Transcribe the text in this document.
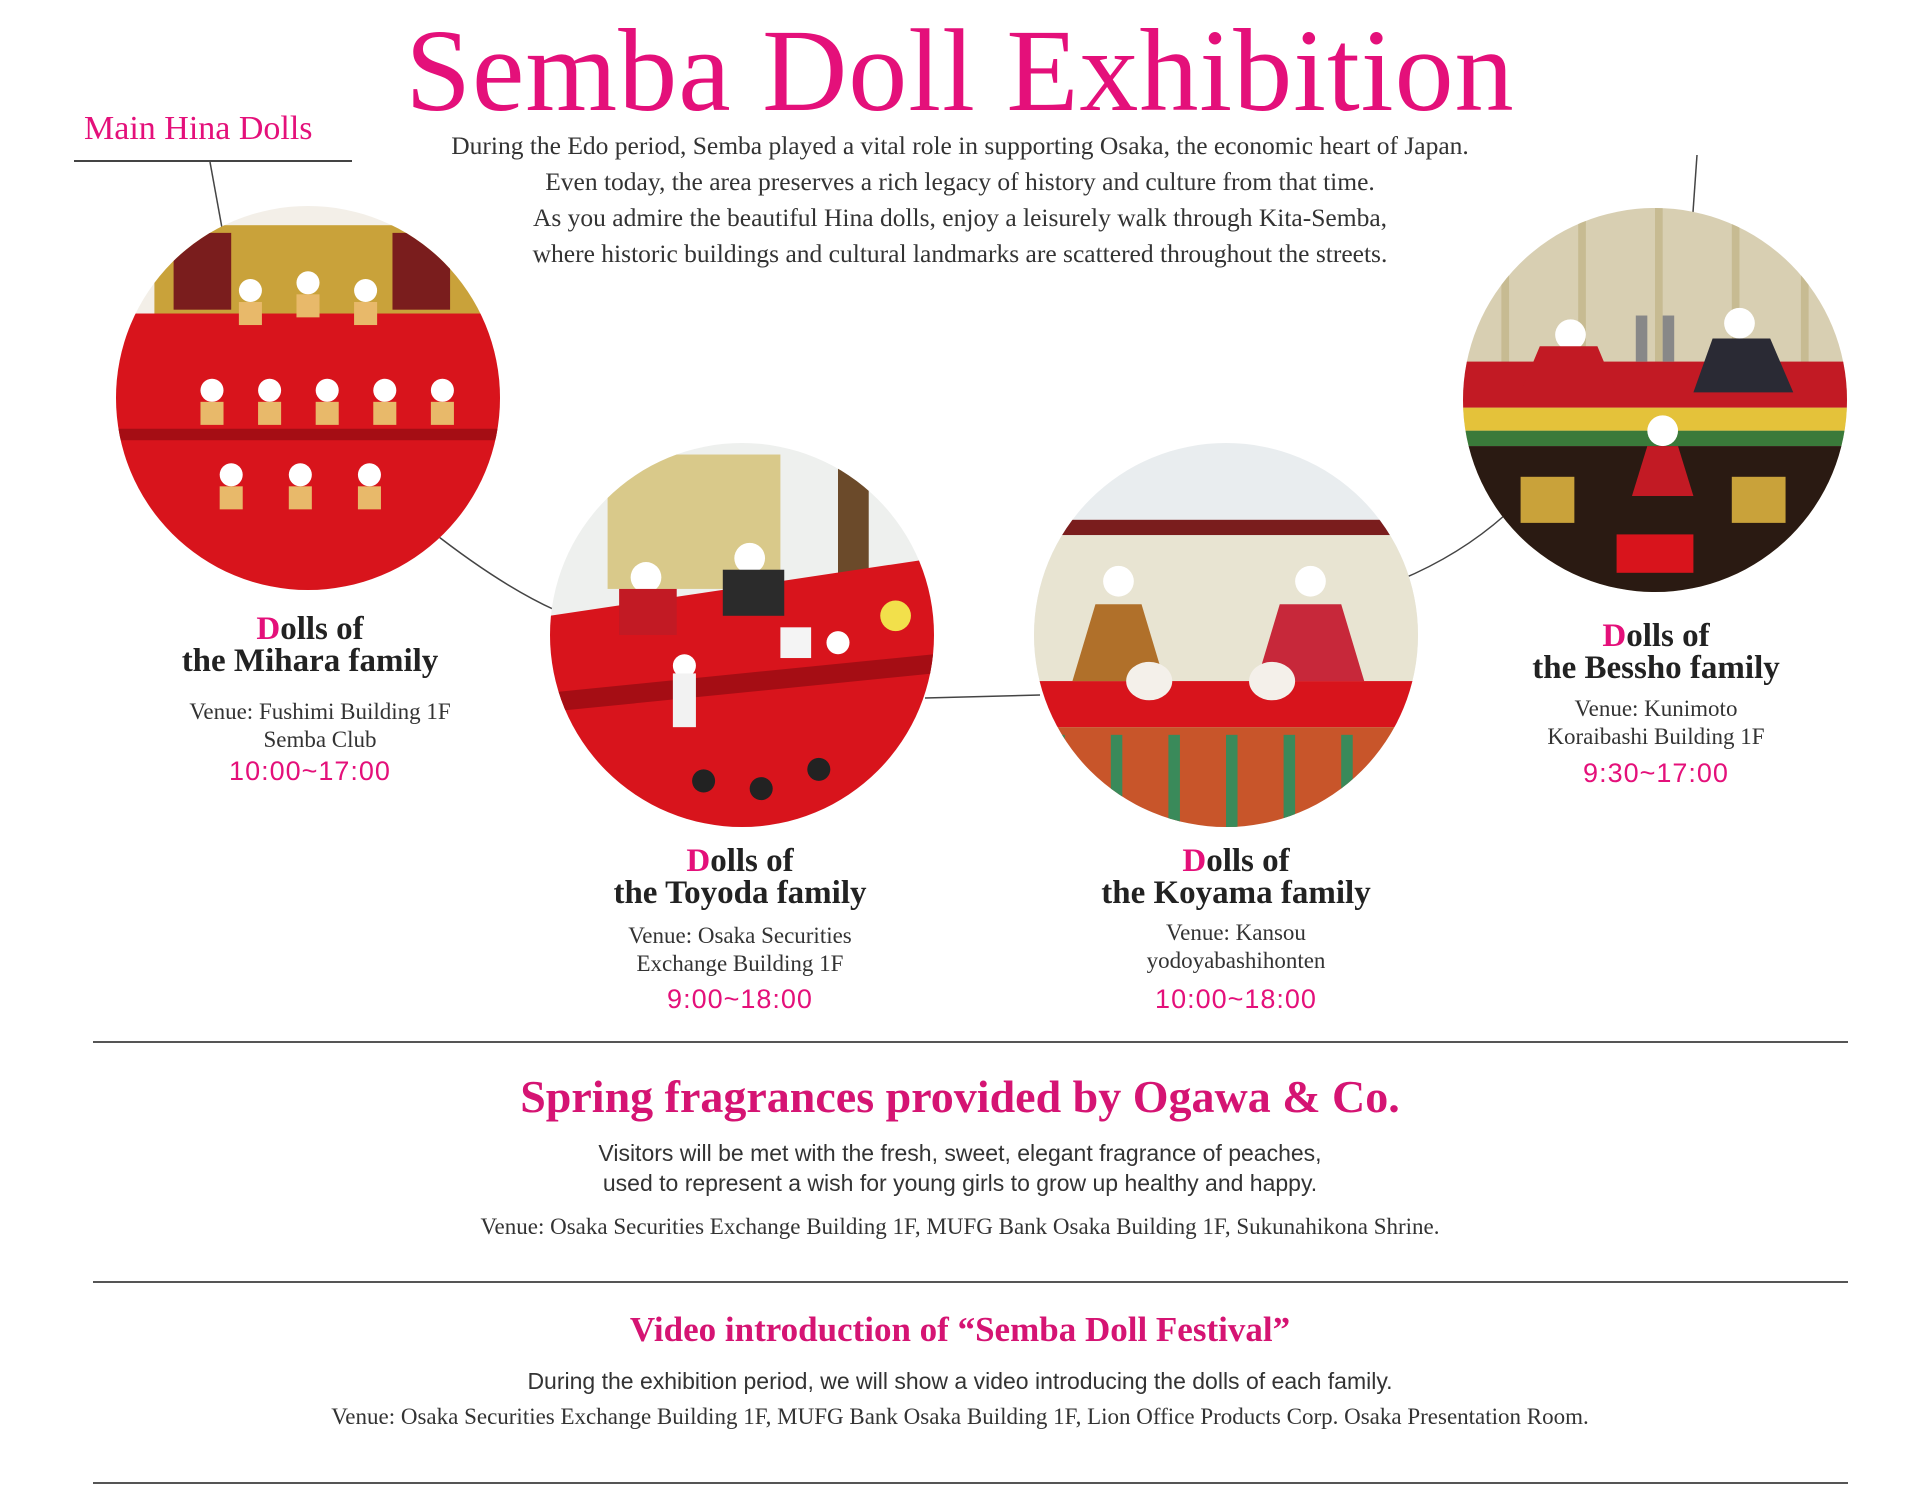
Semba Doll Exhibition
Main Hina Dolls	During the Edo period, Semba played a vital role in supporting Osaka, the economic heart of Japan.
Even today, the area preserves a rich legacy of history and culture from that time.
As you admire the beautiful Hina dolls, enjoy a leisurely walk through Kita-Semba,
where historic buildings and cultural landmarks are scattered throughout the streets.
Dolls of
the Mihara family
Venue: Fushimi Building 1F
Semba Club
10:00~17:00
Dolls of
the Toyoda family
Venue: Osaka Securities
Exchange Building 1F
9:00~18:00
Dolls of
the Koyama family
Venue: Kansou
yodoyabashihonten
10:00~18:00
Dolls of
the Bessho family
Venue: Kunimoto
Koraibashi Building 1F
9:30~17:00
Spring fragrances provided by Ogawa & Co.
Visitors will be met with the fresh, sweet, elegant fragrance of peaches,
used to represent a wish for young girls to grow up healthy and happy.
Venue: Osaka Securities Exchange Building 1F, MUFG Bank Osaka Building 1F, Sukunahikona Shrine.
Video introduction of “Semba Doll Festival”
During the exhibition period, we will show a video introducing the dolls of each family.
Venue: Osaka Securities Exchange Building 1F, MUFG Bank Osaka Building 1F, Lion Office Products Corp. Osaka Presentation Room.
